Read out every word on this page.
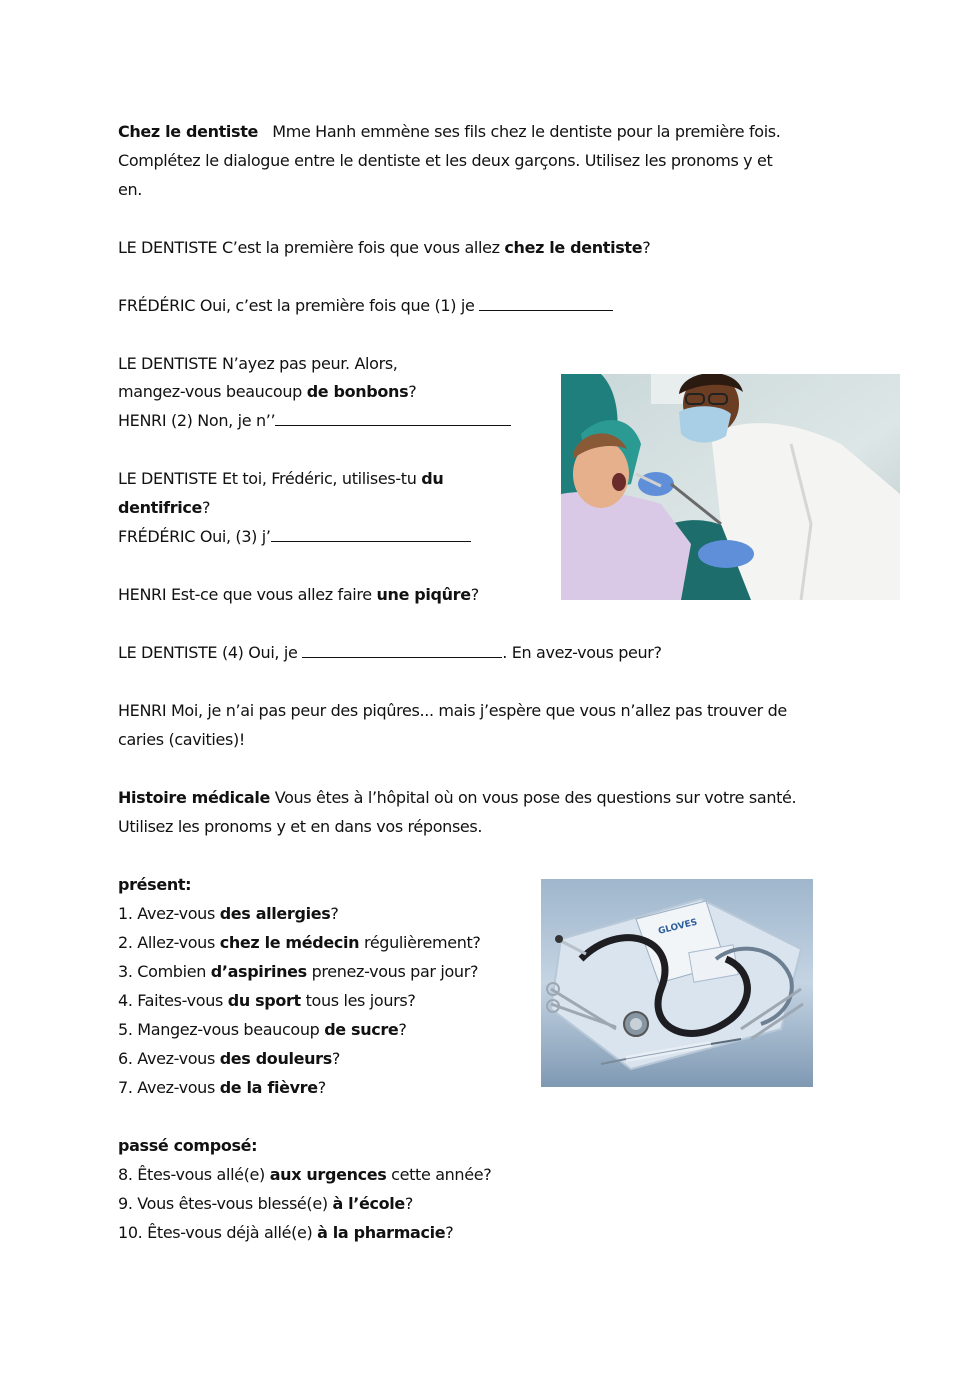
Chez le dentiste Mme Hanh emmène ses fils chez le dentiste pour la première fois.
Complétez le dialogue entre le dentiste et les deux garçons. Utilisez les pronoms y et
en.
LE DENTISTE C’est la première fois que vous allez chez le dentiste?
FRÉDÉRIC Oui, c’est la première fois que (1) je
LE DENTISTE N’ayez pas peur. Alors,
mangez-vous beaucoup de bonbons?
HENRI (2) Non, je n’’
LE DENTISTE Et toi, Frédéric, utilises-tu du
dentifrice?
FRÉDÉRIC Oui, (3) j’
HENRI Est-ce que vous allez faire une piqûre?
LE DENTISTE (4) Oui, je	. En avez-vous peur?
HENRI Moi, je n’ai pas peur des piqûres... mais j’espère que vous n’allez pas trouver de
caries (cavities)!
Histoire médicale Vous êtes à l’hôpital où on vous pose des questions sur votre santé.
Utilisez les pronoms y et en dans vos réponses.
présent:
1. Avez-vous des allergies?
2. Allez-vous chez le médecin régulièrement?
3. Combien d’aspirines prenez-vous par jour?
4. Faites-vous du sport tous les jours?
5. Mangez-vous beaucoup de sucre?
6. Avez-vous des douleurs?
7. Avez-vous de la fièvre?
passé composé:
8. Êtes-vous allé(e) aux urgences cette année?
9. Vous êtes-vous blessé(e) à l’école?
10. Êtes-vous déjà allé(e) à la pharmacie?
GLOVES
